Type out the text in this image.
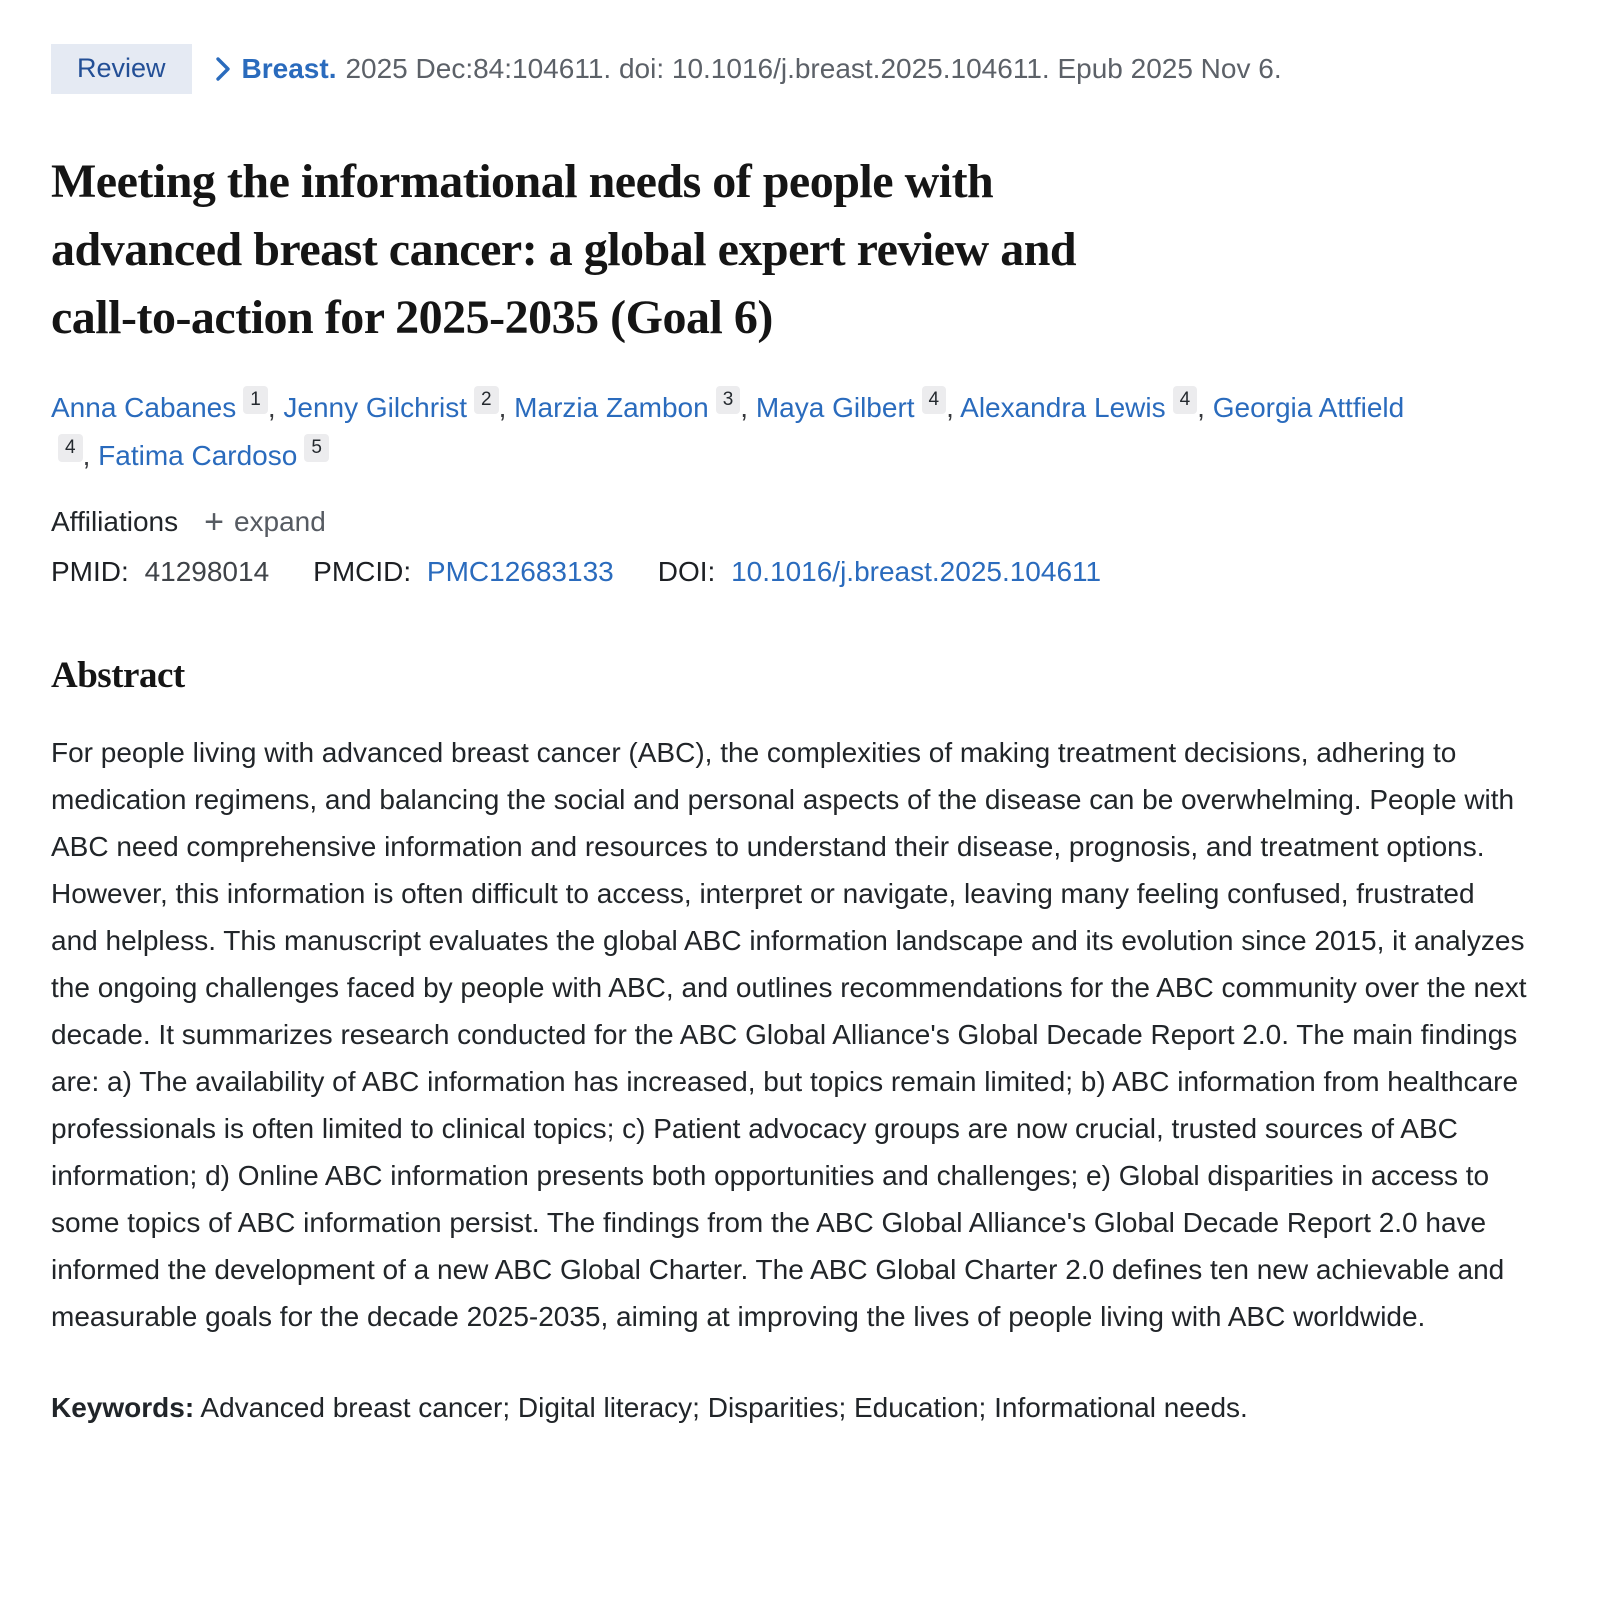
Review	Breast. 2025 Dec:84:104611. doi: 10.1016/j.breast.2025.104611. Epub 2025 Nov 6.
Meeting the informational needs of people with
advanced breast cancer: a global expert review and
call-to-action for 2025-2035 (Goal 6)
Anna Cabanes 1 , Jenny Gilchrist 2 , Marzia Zambon 3 , Maya Gilbert 4 , Alexandra Lewis 4 , Georgia Attfield4 , Fatima Cardoso 5
Affiliations + expand
PMID: 41298014 PMCID: PMC12683133 DOI: 10.1016/j.breast.2025.104611
Abstract

For people living with advanced breast cancer (ABC), the complexities of making treatment decisions, adhering to medication regimens, and balancing the social and personal aspects of the disease can be overwhelming. People with ABC need comprehensive information and resources to understand their disease, prognosis, and treatment options. However, this information is often difficult to access, interpret or navigate, leaving many feeling confused, frustrated and helpless. This manuscript evaluates the global ABC information landscape and its evolution since 2015, it analyzes the ongoing challenges faced by people with ABC, and outlines recommendations for the ABC community over the next decade. It summarizes research conducted for the ABC Global Alliance's Global Decade Report 2.0. The main findings are: a) The availability of ABC information has increased, but topics remain limited; b) ABC information from healthcare professionals is often limited to clinical topics; c) Patient advocacy groups are now crucial, trusted sources of ABC information; d) Online ABC information presents both opportunities and challenges; e) Global disparities in access to some topics of ABC information persist. The findings from the ABC Global Alliance's Global Decade Report 2.0 have informed the development of a new ABC Global Charter. The ABC Global Charter 2.0 defines ten new achievable and measurable goals for the decade 2025-2035, aiming at improving the lives of people living with ABC worldwide.

Keywords: Advanced breast cancer; Digital literacy; Disparities; Education; Informational needs.
